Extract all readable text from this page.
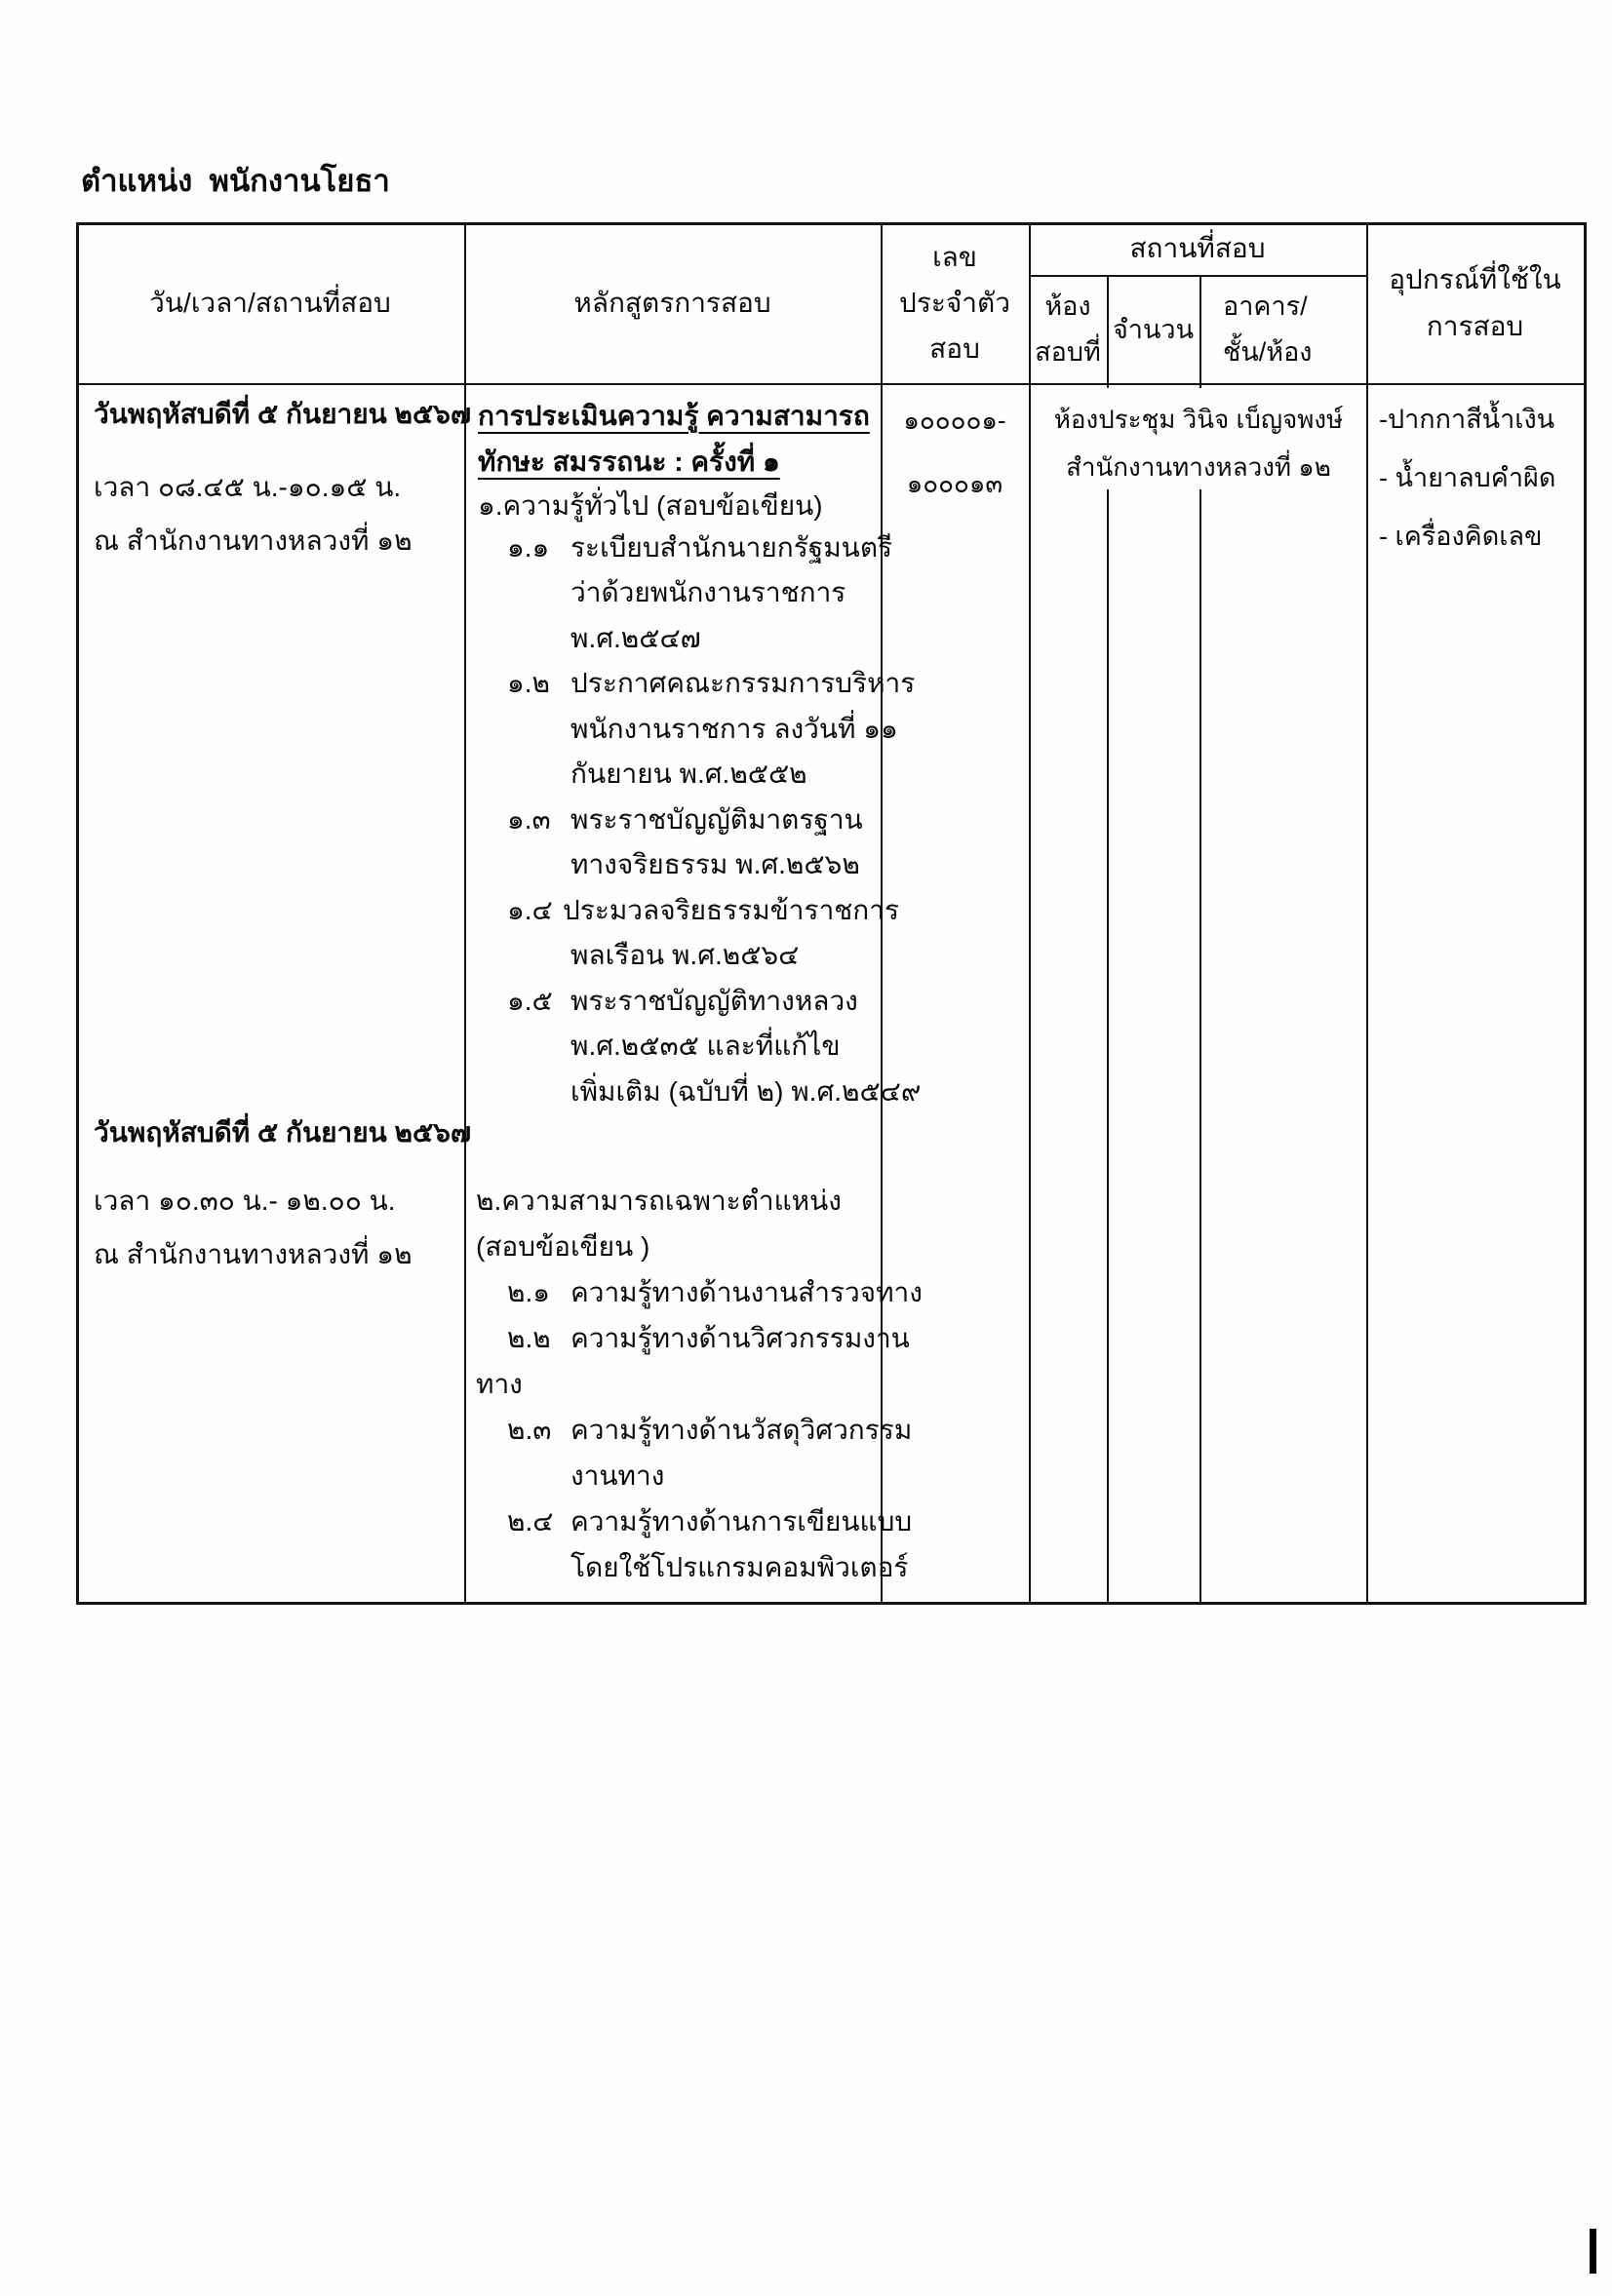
ตำแหน่ง  พนักงานโยธา
วัน/เวลา/สถานที่สอบ	หลักสูตรการสอบ
เลข
ประจำตัว
สอบ
สถานที่สอบ
ห้อง
สอบที่
จำนวน
อาคาร/
ชั้น/ห้อง
อุปกรณ์ที่ใช้ใน
การสอบ
วันพฤหัสบดีที่ ๕ กันยายน ๒๕๖๗
เวลา ๐๘.๔๕ น.-๑๐.๑๕ น.
ณ สำนักงานทางหลวงที่ ๑๒
วันพฤหัสบดีที่ ๕ กันยายน ๒๕๖๗
เวลา ๑๐.๓๐ น.- ๑๒.๐๐ น.
ณ สำนักงานทางหลวงที่ ๑๒
การประเมินความรู้ ความสามารถ
ทักษะ สมรรถนะ : ครั้งที่ ๑
๑.ความรู้ทั่วไป (สอบข้อเขียน)
๑.๑ ระเบียบสำนักนายกรัฐมนตรี
ว่าด้วยพนักงานราชการ
พ.ศ.๒๕๔๗
๑.๒ ประกาศคณะกรรมการบริหาร
พนักงานราชการ ลงวันที่ ๑๑
กันยายน พ.ศ.๒๕๕๒
๑.๓ พระราชบัญญัติมาตรฐาน
ทางจริยธรรม พ.ศ.๒๕๖๒
๑.๔ ประมวลจริยธรรมข้าราชการ
พลเรือน พ.ศ.๒๕๖๔
๑.๕ พระราชบัญญัติทางหลวง
พ.ศ.๒๕๓๕ และที่แก้ไข
เพิ่มเติม (ฉบับที่ ๒) พ.ศ.๒๕๔๙
๒.ความสามารถเฉพาะตำแหน่ง
(สอบข้อเขียน )
๒.๑ ความรู้ทางด้านงานสำรวจทาง
๒.๒ ความรู้ทางด้านวิศวกรรมงาน
ทาง
๒.๓ ความรู้ทางด้านวัสดุวิศวกรรม
งานทาง
๒.๔ ความรู้ทางด้านการเขียนแบบ
โดยใช้โปรแกรมคอมพิวเตอร์
๑๐๐๐๐๑-
๑๐๐๐๑๓
ห้องประชุม วินิจ เบ็ญจพงษ์
สำนักงานทางหลวงที่ ๑๒
-ปากกาสีน้ำเงิน
- น้ำยาลบคำผิด
- เครื่องคิดเลข
